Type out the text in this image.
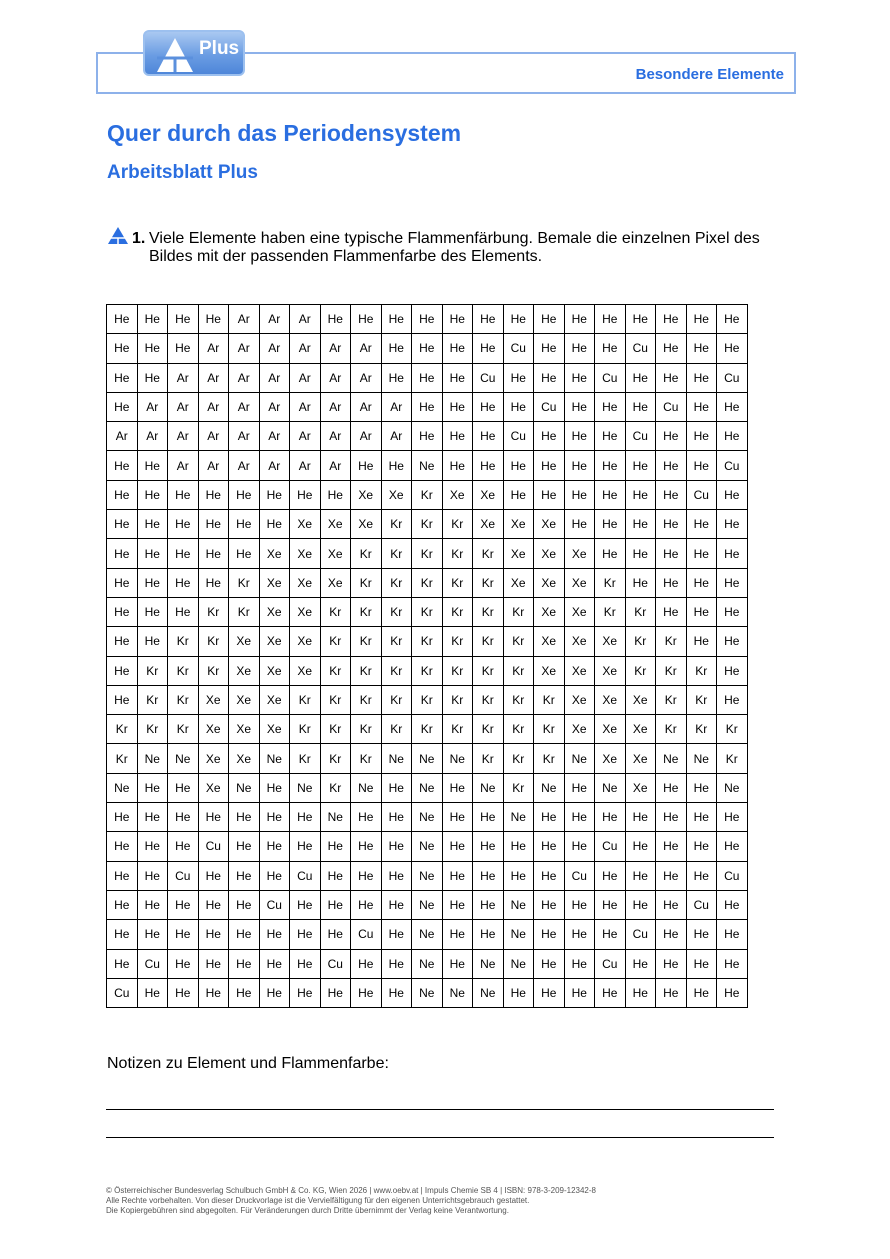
Besondere Elemente
Plus
Quer durch das Periodensystem
Arbeitsblatt Plus
1. Viele Elemente haben eine typische Flammenfärbung. Bemale die einzelnen Pixel des Bildes mit der passenden Flammenfarbe des Elements.
He	He	He	He	Ar	Ar	Ar	He	He	He	He	He	He	He	He	He	He	He	He	He	He
He	He	He	Ar	Ar	Ar	Ar	Ar	Ar	He	He	He	He	Cu	He	He	He	Cu	He	He	He
He	He	Ar	Ar	Ar	Ar	Ar	Ar	Ar	He	He	He	Cu	He	He	He	Cu	He	He	He	Cu
He	Ar	Ar	Ar	Ar	Ar	Ar	Ar	Ar	Ar	He	He	He	He	Cu	He	He	He	Cu	He	He
Ar	Ar	Ar	Ar	Ar	Ar	Ar	Ar	Ar	Ar	He	He	He	Cu	He	He	He	Cu	He	He	He
He	He	Ar	Ar	Ar	Ar	Ar	Ar	He	He	Ne	He	He	He	He	He	He	He	He	He	Cu
He	He	He	He	He	He	He	He	Xe	Xe	Kr	Xe	Xe	He	He	He	He	He	He	Cu	He
He	He	He	He	He	He	Xe	Xe	Xe	Kr	Kr	Kr	Xe	Xe	Xe	He	He	He	He	He	He
He	He	He	He	He	Xe	Xe	Xe	Kr	Kr	Kr	Kr	Kr	Xe	Xe	Xe	He	He	He	He	He
He	He	He	He	Kr	Xe	Xe	Xe	Kr	Kr	Kr	Kr	Kr	Xe	Xe	Xe	Kr	He	He	He	He
He	He	He	Kr	Kr	Xe	Xe	Kr	Kr	Kr	Kr	Kr	Kr	Kr	Xe	Xe	Kr	Kr	He	He	He
He	He	Kr	Kr	Xe	Xe	Xe	Kr	Kr	Kr	Kr	Kr	Kr	Kr	Xe	Xe	Xe	Kr	Kr	He	He
He	Kr	Kr	Kr	Xe	Xe	Xe	Kr	Kr	Kr	Kr	Kr	Kr	Kr	Xe	Xe	Xe	Kr	Kr	Kr	He
He	Kr	Kr	Xe	Xe	Xe	Kr	Kr	Kr	Kr	Kr	Kr	Kr	Kr	Kr	Xe	Xe	Xe	Kr	Kr	He
Kr	Kr	Kr	Xe	Xe	Xe	Kr	Kr	Kr	Kr	Kr	Kr	Kr	Kr	Kr	Xe	Xe	Xe	Kr	Kr	Kr
Kr	Ne	Ne	Xe	Xe	Ne	Kr	Kr	Kr	Ne	Ne	Ne	Kr	Kr	Kr	Ne	Xe	Xe	Ne	Ne	Kr
Ne	He	He	Xe	Ne	He	Ne	Kr	Ne	He	Ne	He	Ne	Kr	Ne	He	Ne	Xe	He	He	Ne
He	He	He	He	He	He	He	Ne	He	He	Ne	He	He	Ne	He	He	He	He	He	He	He
He	He	He	Cu	He	He	He	He	He	He	Ne	He	He	He	He	He	Cu	He	He	He	He
He	He	Cu	He	He	He	Cu	He	He	He	Ne	He	He	He	He	Cu	He	He	He	He	Cu
He	He	He	He	He	Cu	He	He	He	He	Ne	He	He	Ne	He	He	He	He	He	Cu	He
He	He	He	He	He	He	He	He	Cu	He	Ne	He	He	Ne	He	He	He	Cu	He	He	He
He	Cu	He	He	He	He	He	Cu	He	He	Ne	He	Ne	Ne	He	He	Cu	He	He	He	He
Cu	He	He	He	He	He	He	He	He	He	Ne	Ne	Ne	He	He	He	He	He	He	He	He
Notizen zu Element und Flammenfarbe:
© Österreichischer Bundesverlag Schulbuch GmbH & Co. KG, Wien 2026 | www.oebv.at | Impuls Chemie SB 4 | ISBN: 978-3-209-12342-8
Alle Rechte vorbehalten. Von dieser Druckvorlage ist die Vervielfältigung für den eigenen Unterrichtsgebrauch gestattet.
Die Kopiergebühren sind abgegolten. Für Veränderungen durch Dritte übernimmt der Verlag keine Verantwortung.
